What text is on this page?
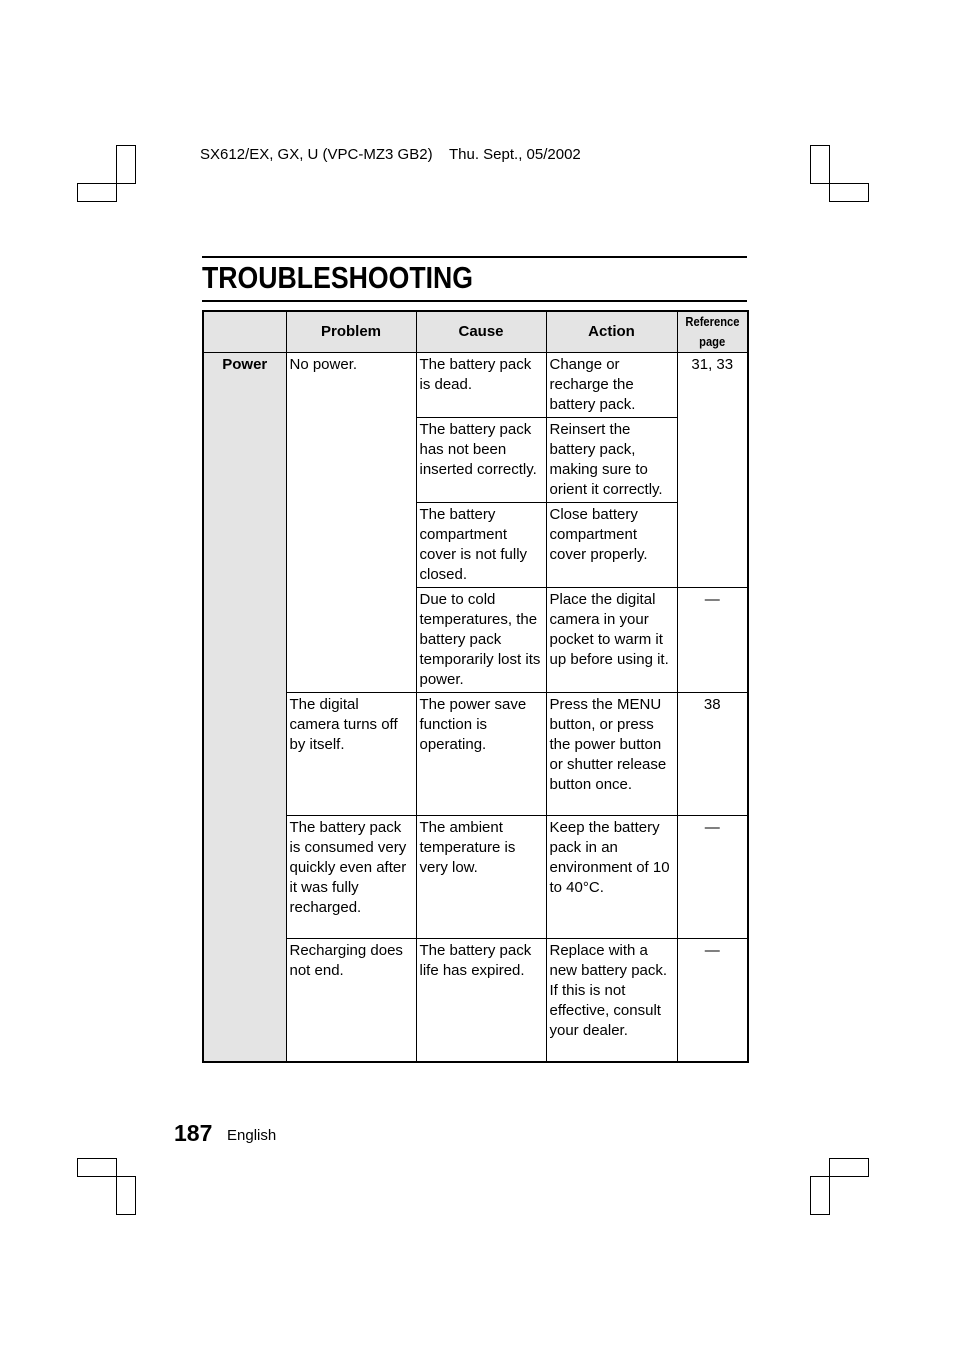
SX612/EX, GX, U (VPC-MZ3 GB2) Thu. Sept., 05/2002
TROUBLESHOOTING
	Problem	Cause	Action	Reference
page
Power	No power.	The battery pack is dead.	Change or recharge the battery pack.	31, 33
		The battery pack has not been inserted correctly.	Reinsert the battery pack, making sure to orient it correctly.	
		The battery compartment cover is not fully closed.	Close battery compartment cover properly.	
		Due to cold temperatures, the battery pack temporarily lost its power.	Place the digital camera in your pocket to warm it up before using it.	—
	The digital camera turns off by itself.	The power save function is operating.	Press the MENU button, or press the power button or shutter release button once.	38
	The battery pack is consumed very quickly even after it was fully recharged.	The ambient temperature is very low.	Keep the battery pack in an environment of 10 to 40°C.	—
	Recharging does not end.	The battery pack life has expired.	Replace with a new battery pack. If this is not effective, consult your dealer.	—
187 English
